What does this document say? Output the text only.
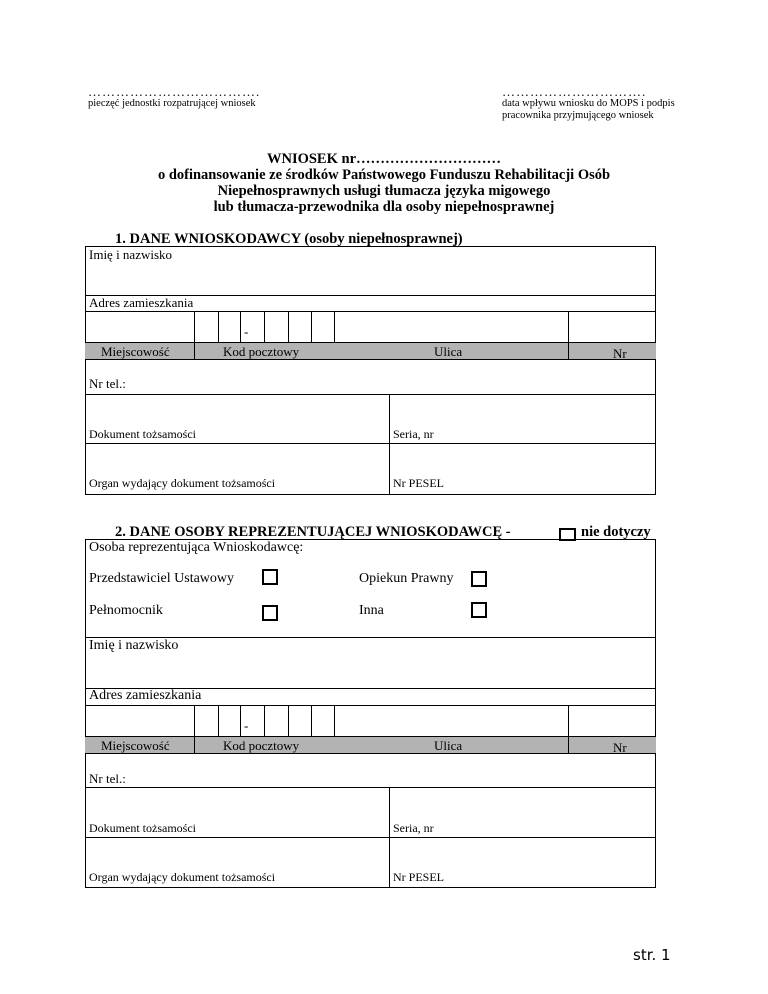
……………………………….
pieczęć jednostki rozpatrującej wniosek
………………………….
data wpływu wniosku do MOPS i podpis
pracownika przyjmującego wniosek
WNIOSEK nr…………………………
o dofinansowanie ze środków Państwowego Funduszu Rehabilitacji Osób
Niepełnosprawnych usługi tłumacza języka migowego
lub tłumacza-przewodnika dla osoby niepełnosprawnej
1. DANE WNIOSKODAWCY (osoby niepełnosprawnej)
Imię i nazwisko
Adres zamieszkania
-
Miejscowość	Kod pocztowy	Ulica	Nr
Nr tel.:
Dokument tożsamości	Seria, nr
Organ wydający dokument tożsamości	Nr PESEL
2. DANE OSOBY REPREZENTUJĄCEJ WNIOSKODAWCĘ -	nie dotyczy
Osoba reprezentująca Wnioskodawcę:
Przedstawiciel Ustawowy	Opiekun Prawny
Pełnomocnik	Inna
Imię i nazwisko
Adres zamieszkania
-
Miejscowość	Kod pocztowy	Ulica	Nr
Nr tel.:
Dokument tożsamości	Seria, nr
Organ wydający dokument tożsamości	Nr PESEL
str. 1
